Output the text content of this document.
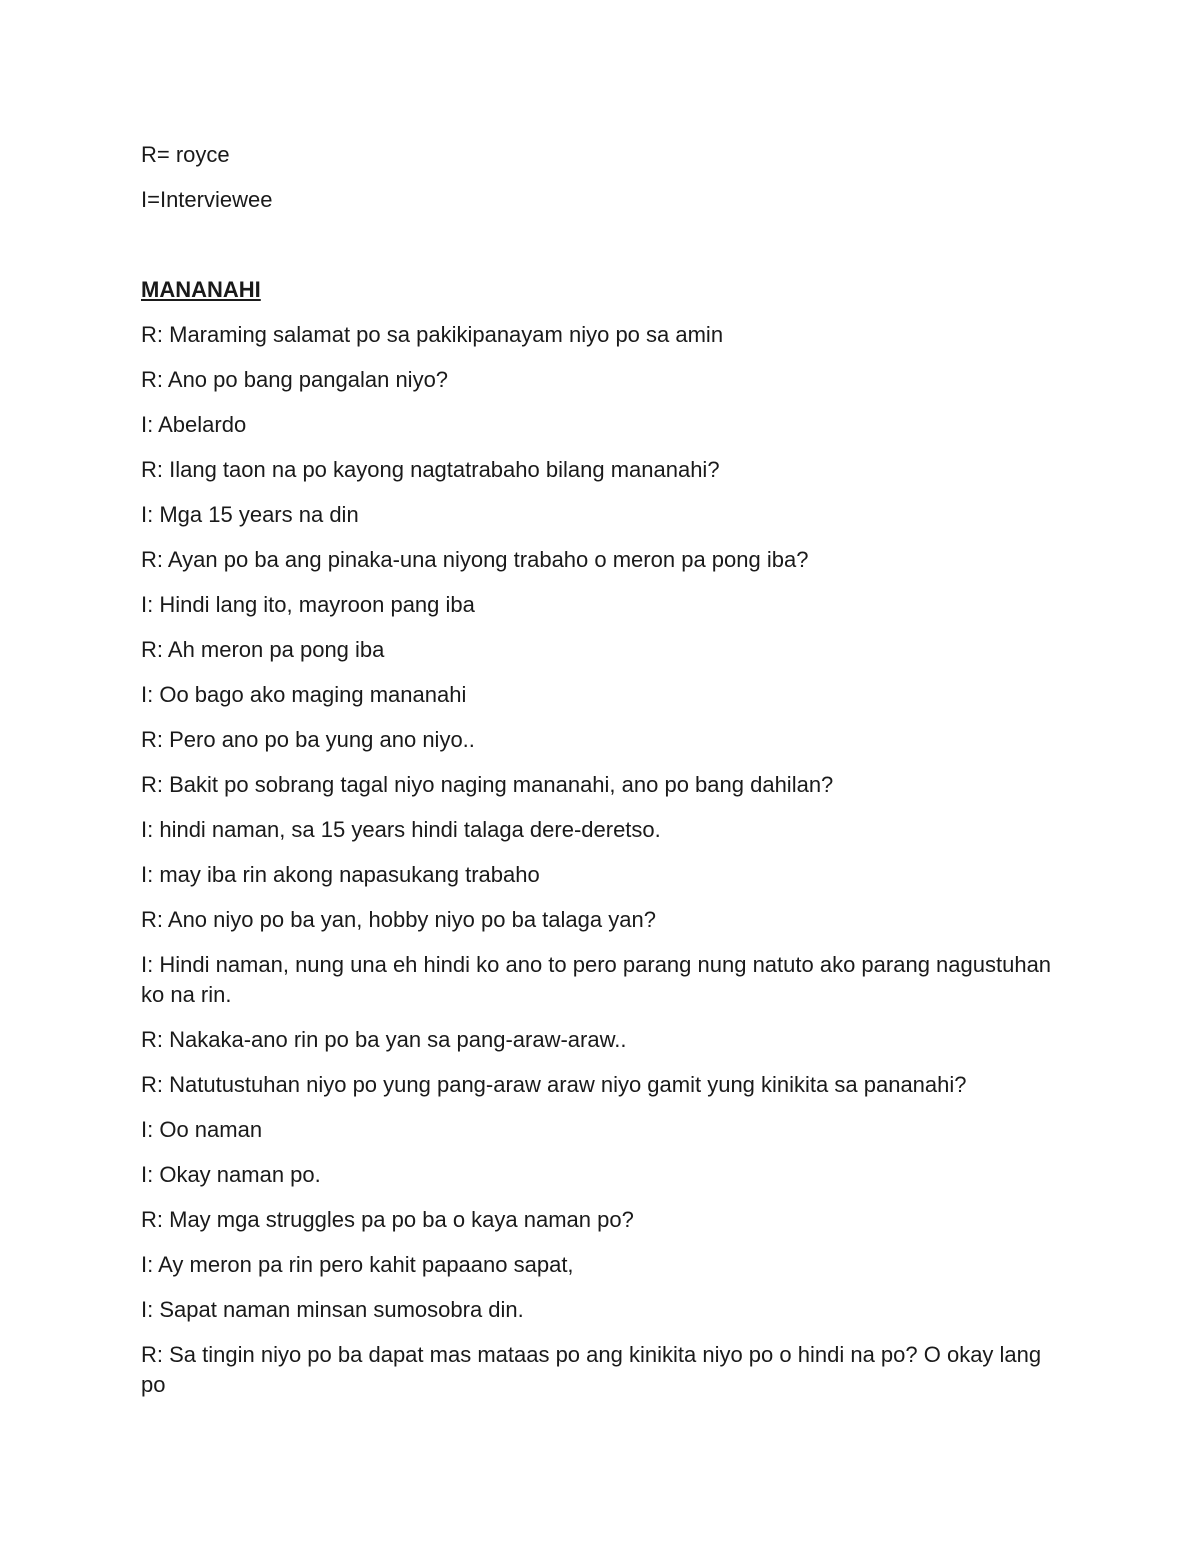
R= royce
I=Interviewee
MANANAHI
R: Maraming salamat po sa pakikipanayam niyo po sa amin
R: Ano po bang pangalan niyo?
I: Abelardo
R: Ilang taon na po kayong nagtatrabaho bilang mananahi?
I: Mga 15 years na din
R: Ayan po ba ang pinaka-una niyong trabaho o meron pa pong iba?
I: Hindi lang ito, mayroon pang iba
R: Ah meron pa pong iba
I: Oo bago ako maging mananahi
R: Pero ano po ba yung ano niyo..
R: Bakit po sobrang tagal niyo naging mananahi, ano po bang dahilan?
I: hindi naman, sa 15 years hindi talaga dere-deretso.
I: may iba rin akong napasukang trabaho
R: Ano niyo po ba yan, hobby niyo po ba talaga yan?
I: Hindi naman, nung una eh hindi ko ano to pero parang nung natuto ako parang nagustuhan ko na rin.
R: Nakaka-ano rin po ba yan sa pang-araw-araw..
R: Natutustuhan niyo po yung pang-araw araw niyo gamit yung kinikita sa pananahi?
I: Oo naman
I: Okay naman po.
R: May mga struggles pa po ba o kaya naman po?
I: Ay meron pa rin pero kahit papaano sapat,
I: Sapat naman minsan sumosobra din.
R: Sa tingin niyo po ba dapat mas mataas po ang kinikita niyo po o hindi na po? O okay lang po
